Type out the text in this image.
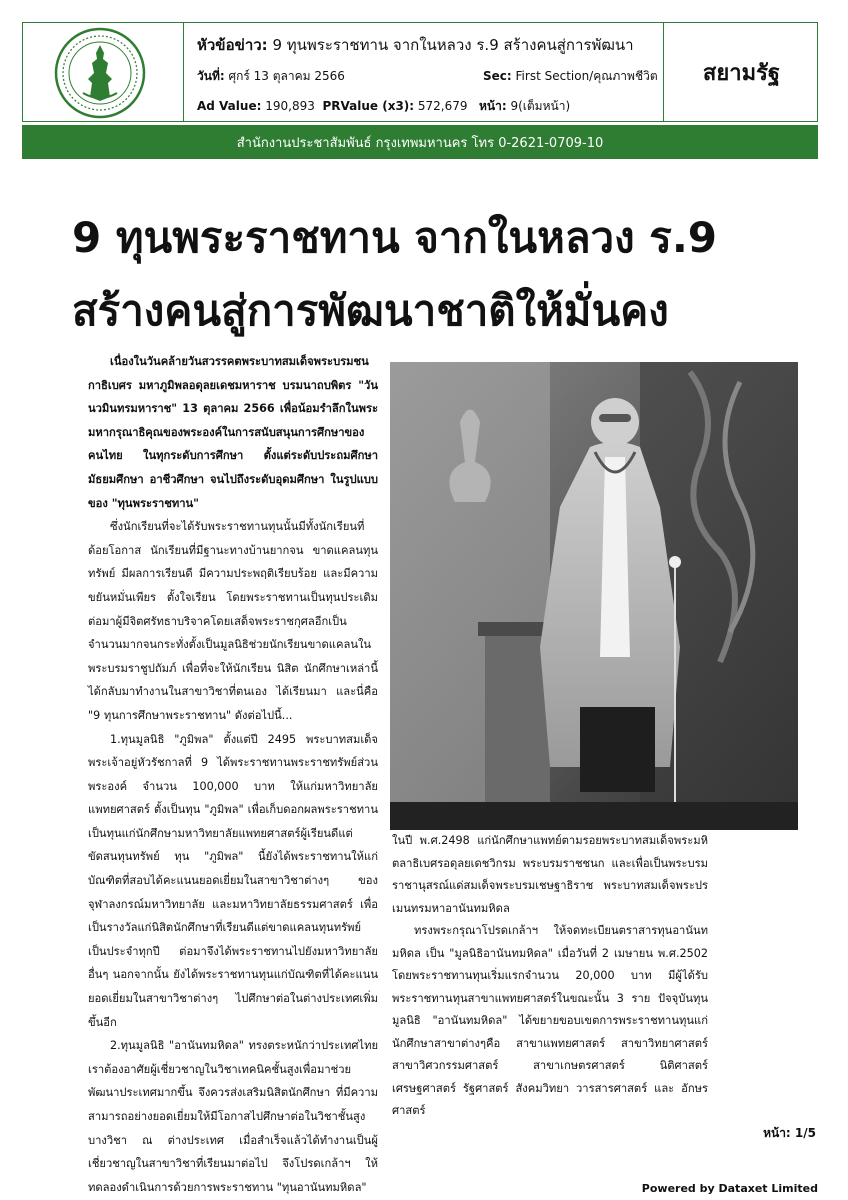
หัวข้อข่าว: 9 ทุนพระราชทาน จากในหลวง ร.9 สร้างคนสู่การพัฒนา
วันที่: ศุกร์ 13 ตุลาคม 2566	Sec: First Section/คุณภาพชีวิต
Ad Value: 190,893 PRValue (x3): 572,679 หน้า: 9(เต็มหน้า)
สยามรัฐ
สำนักงานประชาสัมพันธ์ กรุงเทพมหานคร โทร 0-2621-0709-10
9 ทุนพระราชทาน จากในหลวง ร.9
สร้างคนสู่การพัฒนาชาติให้มั่นคง

เนื่องในวันคล้ายวันสวรรคตพระบาทสมเด็จพระบรมชนกาธิเบศร มหาภูมิพลอดุลยเดชมหาราช บรมนาถบพิตร "วันนวมินทรมหาราช" 13 ตุลาคม 2566 เพื่อน้อมรำลึกในพระมหากรุณาธิคุณของพระองค์ในการสนับสนุนการศึกษาของคนไทย ในทุกระดับการศึกษา ตั้งแต่ระดับประถมศึกษา มัธยมศึกษา อาชีวศึกษา จนไปถึงระดับอุดมศึกษา ในรูปแบบของ "ทุนพระราชทาน"

ซึ่งนักเรียนที่จะได้รับพระราชทานทุนนั้นมีทั้งนักเรียนที่ด้อยโอกาส นักเรียนที่มีฐานะทางบ้านยากจน ขาดแคลนทุนทรัพย์ มีผลการเรียนดี มีความประพฤติเรียบร้อย และมีความขยันหมั่นเพียร ตั้งใจเรียน โดยพระราชทานเป็นทุนประเดิม ต่อมาผู้มีจิตศรัทธาบริจาคโดยเสด็จพระราชกุศลอีกเป็นจำนวนมากจนกระทั่งตั้งเป็นมูลนิธิช่วยนักเรียนขาดแคลนในพระบรมราชูปถัมภ์ เพื่อที่จะให้นักเรียน นิสิต นักศึกษาเหล่านี้ได้กลับมาทำงานในสาขาวิชาที่ตนเอง ได้เรียนมา และนี่คือ "9 ทุนการศึกษาพระราชทาน" ดังต่อไปนี้...

1.ทุนมูลนิธิ "ภูมิพล" ตั้งแต่ปี 2495 พระบาทสมเด็จพระเจ้าอยู่หัวรัชกาลที่ 9 ได้พระราชทานพระราชทรัพย์ส่วนพระองค์ จำนวน 100,000 บาท ให้แก่มหาวิทยาลัยแพทยศาสตร์ ตั้งเป็นทุน "ภูมิพล" เพื่อเก็บดอกผลพระราชทานเป็นทุนแก่นักศึกษามหาวิทยาลัยแพทยศาสตร์ผู้เรียนดีแต่ขัดสนทุนทรัพย์ ทุน "ภูมิพล" นี้ยังได้พระราชทานให้แก่บัณฑิตที่สอบได้คะแนนยอดเยี่ยมในสาขาวิชาต่างๆ ของจุฬาลงกรณ์มหาวิทยาลัย และมหาวิทยาลัยธรรมศาสตร์ เพื่อเป็นรางวัลแก่นิสิตนักศึกษาที่เรียนดีแต่ขาดแคลนทุนทรัพย์เป็นประจำทุกปี ต่อมาจึงได้พระราชทานไปยังมหาวิทยาลัยอื่นๆ นอกจากนั้น ยังได้พระราชทานทุนแก่บัณฑิตที่ได้คะแนนยอดเยี่ยมในสาขาวิชาต่างๆ ไปศึกษาต่อในต่างประเทศเพิ่มขึ้นอีก

2.ทุนมูลนิธิ "อานันทมหิดล" ทรงตระหนักว่าประเทศไทยเราต้องอาศัยผู้เชี่ยวชาญในวิชาเทคนิคชั้นสูงเพื่อมาช่วยพัฒนาประเทศมากขึ้น จึงควรส่งเสริมนิสิตนักศึกษา ที่มีความสามารถอย่างยอดเยี่ยมให้มีโอกาสไปศึกษาต่อในวิชาชั้นสูงบางวิชา ณ ต่างประเทศ เมื่อสำเร็จแล้วได้ทำงานเป็นผู้เชี่ยวชาญในสาขาวิชาที่เรียนมาต่อไป จึงโปรดเกล้าฯ ให้ทดลองดำเนินการด้วยการพระราชทาน "ทุนอานันทมหิดล"

ในปี พ.ศ.2498 แก่นักศึกษาแพทย์ตามรอยพระบาทสมเด็จพระมหิตลาธิเบศรอดุลยเดชวิกรม พระบรมราชชนก และเพื่อเป็นพระบรมราชานุสรณ์แด่สมเด็จพระบรมเชษฐาธิราช พระบาทสมเด็จพระปรเมนทรมหาอานันทมหิดล

ทรงพระกรุณาโปรดเกล้าฯ ให้จดทะเบียนตราสารทุนอานันทมหิดล เป็น "มูลนิธิอานันทมหิดล" เมื่อวันที่ 2 เมษายน พ.ศ.2502 โดยพระราชทานทุนเริ่มแรกจำนวน 20,000 บาท มีผู้ได้รับพระราชทานทุนสาขาแพทยศาสตร์ในขณะนั้น 3 ราย ปัจจุบันทุนมูลนิธิ "อานันทมหิดล" ได้ขยายขอบเขตการพระราชทานทุนแก่นักศึกษาสาขาต่างๆคือ สาขาแพทยศาสตร์ สาขาวิทยาศาสตร์ สาขาวิศวกรรมศาสตร์ สาขาเกษตรศาสตร์ นิติศาสตร์ เศรษฐศาสตร์ รัฐศาสตร์ สังคมวิทยา วารสารศาสตร์ และ อักษรศาสตร์

หน้า: 1/5
Powered by Dataxet Limited
